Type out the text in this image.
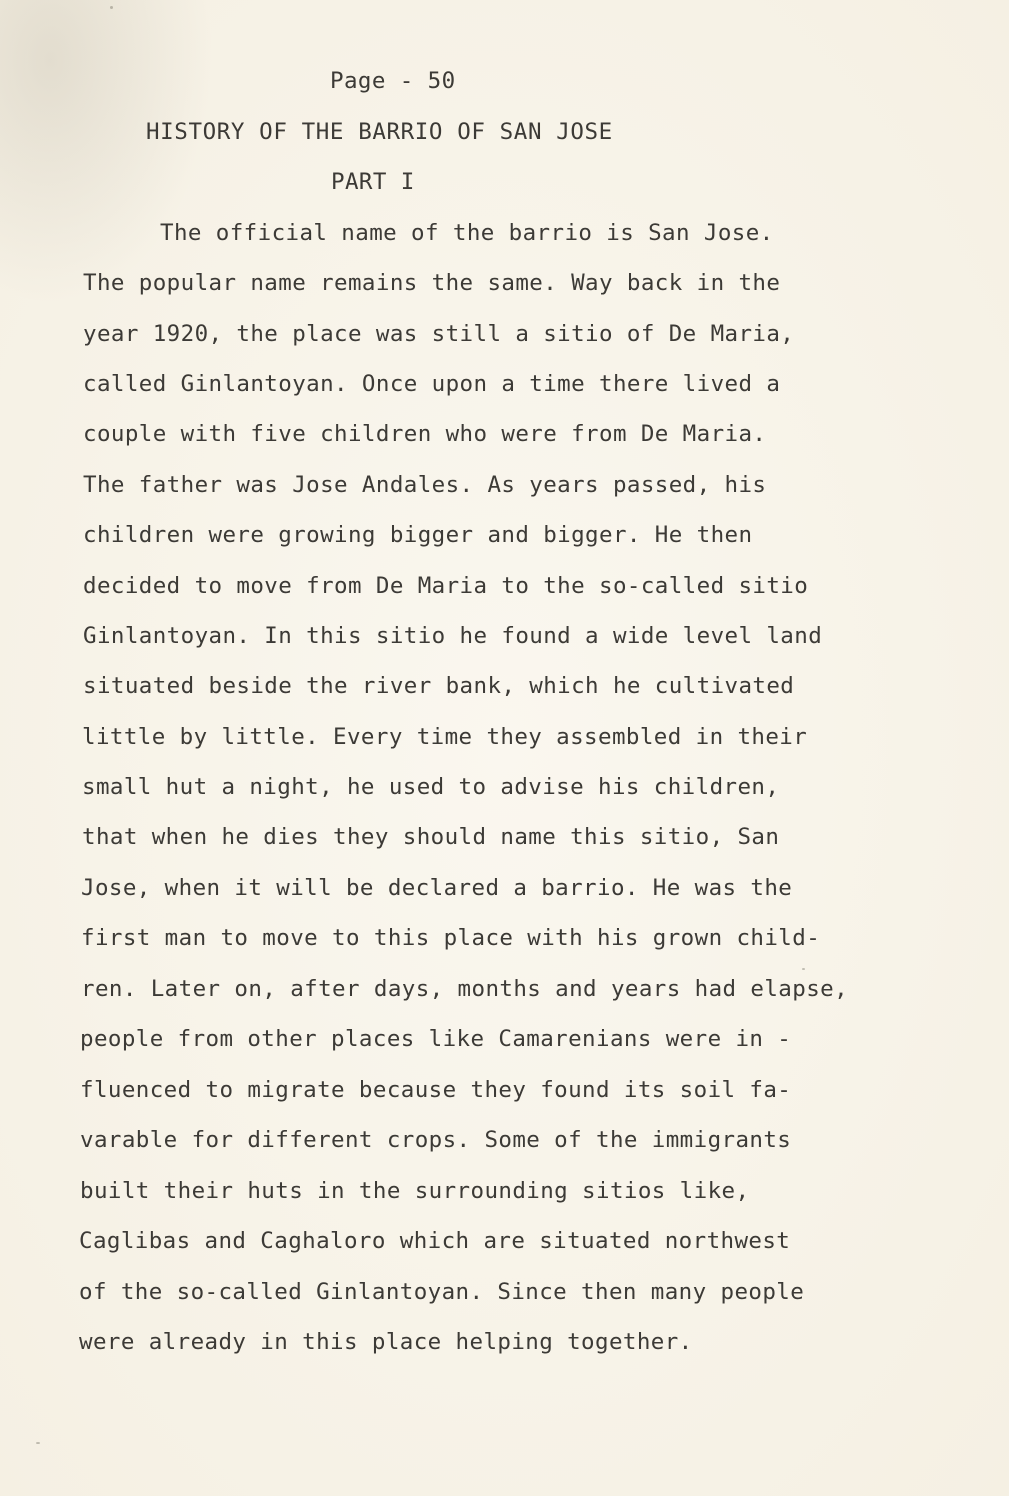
Page - 50
HISTORY OF THE BARRIO OF SAN JOSE
PART I

The official name of the barrio is San Jose.

The popular name remains the same. Way back in the

year 1920, the place was still a sitio of De Maria,

called Ginlantoyan. Once upon a time there lived a

couple with five children who were from De Maria.

The father was Jose Andales. As years passed, his

children were growing bigger and bigger. He then

decided to move from De Maria to the so-called sitio

Ginlantoyan. In this sitio he found a wide level land

situated beside the river bank, which he cultivated

little by little. Every time they assembled in their

small hut a night, he used to advise his children,

that when he dies they should name this sitio, San

Jose, when it will be declared a barrio. He was the

first man to move to this place with his grown child-

ren. Later on, after days, months and years had elapse,

people from other places like Camarenians were in -

fluenced to migrate because they found its soil fa-

varable for different crops. Some of the immigrants

built their huts in the surrounding sitios like,

Caglibas and Caghaloro which are situated northwest

of the so-called Ginlantoyan. Since then many people

were already in this place helping together.
